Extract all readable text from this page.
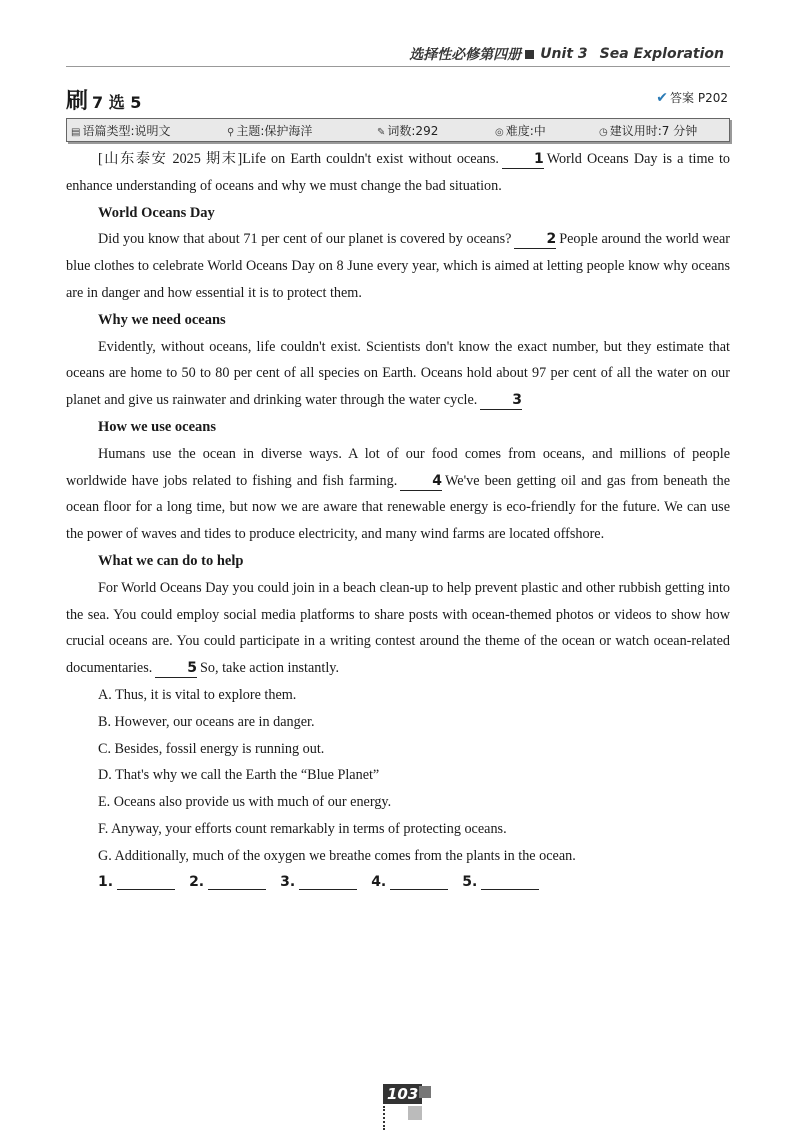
选择性必修第四册 Unit 3 Sea Exploration
刷 7 选 5	✔ 答案 P202
▤ 语篇类型:说明文	⚲ 主题:保护海洋	✎ 词数:292	◎ 难度:中	◷ 建议用时:7 分钟

[山东泰安 2025 期末]Life on Earth couldn't exist without oceans.	1 World Oceans Day is a time to enhance understanding of oceans and why we must change the bad situation.

World Oceans Day

Did you know that about 71 per cent of our planet is covered by oceans?	2 People around the world wear blue clothes to celebrate World Oceans Day on 8 June every year, which is aimed at letting people know why oceans are in danger and how essential it is to protect them.

Why we need oceans

Evidently, without oceans, life couldn't exist. Scientists don't know the exact number, but they estimate that oceans are home to 50 to 80 per cent of all species on Earth. Oceans hold about 97 per cent of all the water on our planet and give us rainwater and drinking water through the water cycle.	3

How we use oceans

Humans use the ocean in diverse ways. A lot of our food comes from oceans, and millions of people worldwide have jobs related to fishing and fish farming.	4 We've been getting oil and gas from beneath the ocean floor for a long time, but now we are aware that renewable energy is eco-friendly for the future. We can use the power of waves and tides to produce electricity, and many wind farms are located offshore.

What we can do to help

For World Oceans Day you could join in a beach clean-up to help prevent plastic and other rubbish getting into the sea. You could employ social media platforms to share posts with ocean-themed photos or videos to show how crucial oceans are. You could participate in a writing contest around the theme of the ocean or watch ocean-related documentaries.	5 So, take action instantly.

A. Thus, it is vital to explore them.
B. However, our oceans are in danger.
C. Besides, fossil energy is running out.
D. That's why we call the Earth the “Blue Planet”
E. Oceans also provide us with much of our energy.
F. Anyway, your efforts count remarkably in terms of protecting oceans.
G. Additionally, much of the oxygen we breathe comes from the plants in the ocean.
1.	2.	3.	4.	5.
103
